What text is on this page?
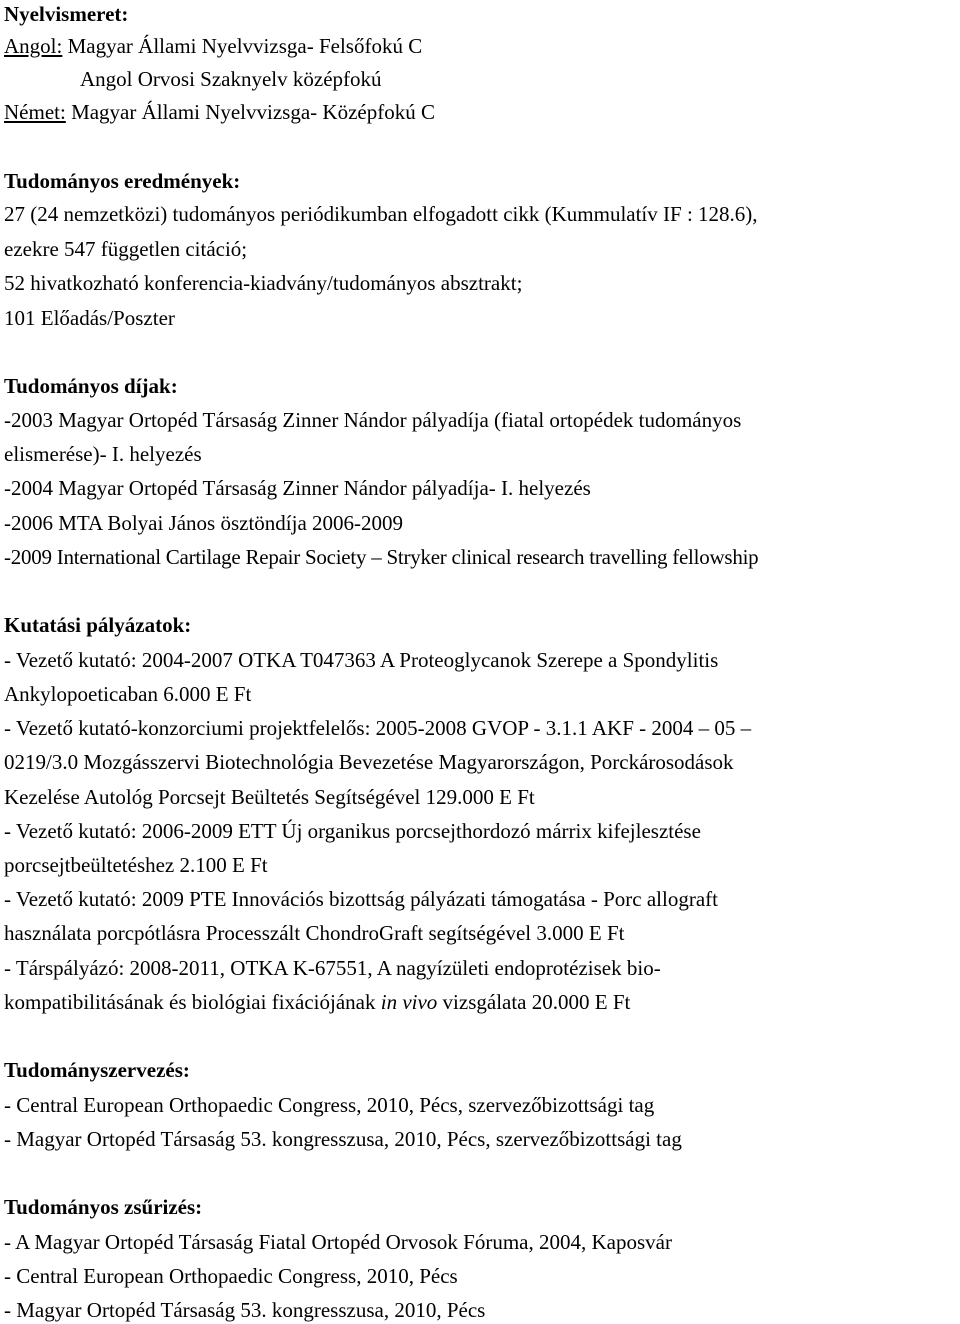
Nyelvismeret:
Angol: Magyar Állami Nyelvvizsga- Felsőfokú C
Angol Orvosi Szaknyelv középfokú
Német: Magyar Állami Nyelvvizsga- Középfokú C
Tudományos eredmények:
27 (24 nemzetközi) tudományos periódikumban elfogadott cikk (Kummulatív IF : 128.6),
ezekre 547 független citáció;
52 hivatkozható konferencia-kiadvány/tudományos absztrakt;
101 Előadás/Poszter
Tudományos díjak:
-2003 Magyar Ortopéd Társaság Zinner Nándor pályadíja (fiatal ortopédek tudományos
elismerése)- I. helyezés
-2004 Magyar Ortopéd Társaság Zinner Nándor pályadíja- I. helyezés
-2006 MTA Bolyai János ösztöndíja 2006-2009
-2009 International Cartilage Repair Society – Stryker clinical research travelling fellowship
Kutatási pályázatok:
- Vezető kutató: 2004-2007 OTKA T047363 A Proteoglycanok Szerepe a Spondylitis
Ankylopoeticaban 6.000 E Ft
- Vezető kutató-konzorciumi projektfelelős: 2005-2008 GVOP - 3.1.1 AKF - 2004 – 05 –
0219/3.0 Mozgásszervi Biotechnológia Bevezetése Magyarországon, Porckárosodások
Kezelése Autológ Porcsejt Beültetés Segítségével 129.000 E Ft
- Vezető kutató: 2006-2009 ETT Új organikus porcsejthordozó márrix kifejlesztése
porcsejtbeültetéshez 2.100 E Ft
- Vezető kutató: 2009 PTE Innovációs bizottság pályázati támogatása - Porc allograft
használata porcpótlásra Processzált ChondroGraft segítségével 3.000 E Ft
- Társpályázó: 2008-2011, OTKA K-67551, A nagyízületi endoprotézisek bio-
kompatibilitásának és biológiai fixációjának in vivo vizsgálata 20.000 E Ft
Tudományszervezés:
- Central European Orthopaedic Congress, 2010, Pécs, szervezőbizottsági tag
- Magyar Ortopéd Társaság 53. kongresszusa, 2010, Pécs, szervezőbizottsági tag
Tudományos zsűrizés:
- A Magyar Ortopéd Társaság Fiatal Ortopéd Orvosok Fóruma, 2004, Kaposvár
- Central European Orthopaedic Congress, 2010, Pécs
- Magyar Ortopéd Társaság 53. kongresszusa, 2010, Pécs
